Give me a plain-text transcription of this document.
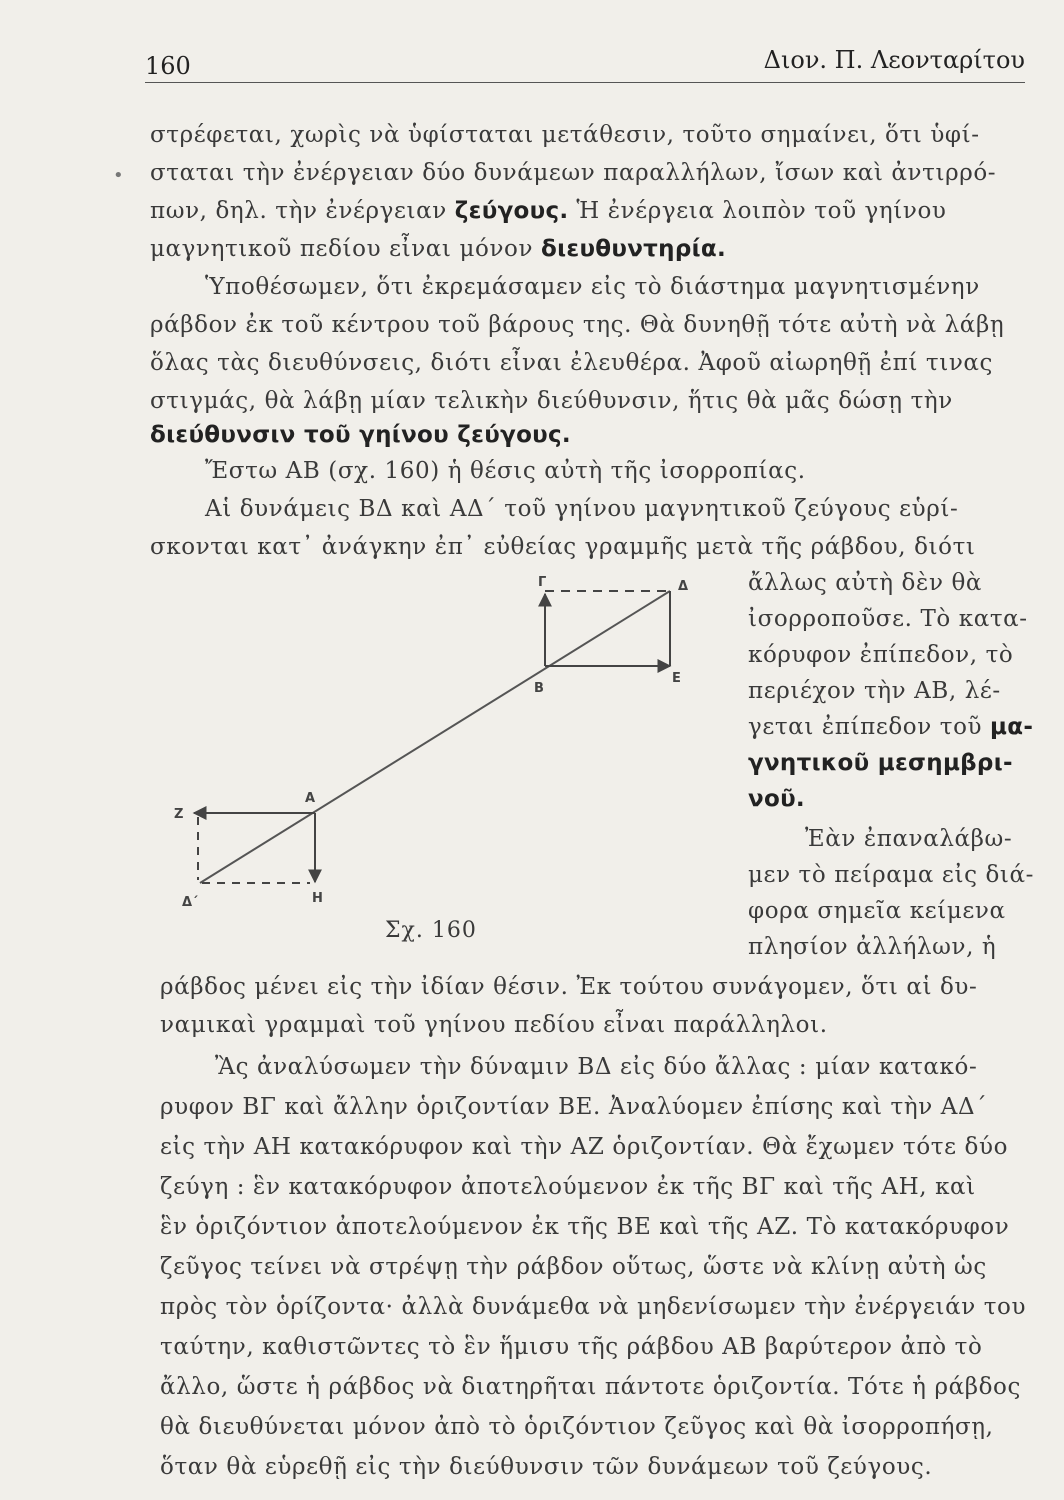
160	Διον. Π. Λεονταρίτου
•
στρέφεται, χωρὶς νὰ ὑφίσταται μετάθεσιν, τοῦτο σημαίνει, ὅτι ὑφί-
σταται τὴν ἐνέργειαν δύο δυνάμεων παραλλήλων, ἴσων καὶ ἀντιρρό-
πων, δηλ. τὴν ἐνέργειαν ζεύγους. Ἡ ἐνέργεια λοιπὸν τοῦ γηίνου
μαγνητικοῦ πεδίου εἶναι μόνον διευθυντηρία.
Ὑποθέσωμεν, ὅτι ἐκρεμάσαμεν εἰς τὸ διάστημα μαγνητισμένην
ράβδον ἐκ τοῦ κέντρου τοῦ βάρους της. Θὰ δυνηθῇ τότε αὐτὴ νὰ λάβῃ
ὅλας τὰς διευθύνσεις, διότι εἶναι ἐλευθέρα. Ἀφοῦ αἰωρηθῇ ἐπί τινας
στιγμάς, θὰ λάβῃ μίαν τελικὴν διεύθυνσιν, ἥτις θὰ μᾶς δώσῃ τὴν
διεύθυνσιν τοῦ γηίνου ζεύγους.
Ἔστω ΑΒ (σχ. 160) ἡ θέσις αὐτὴ τῆς ἰσορροπίας.
Αἱ δυνάμεις ΒΔ καὶ ΑΔ΄ τοῦ γηίνου μαγνητικοῦ ζεύγους εὑρί-
σκονται κατ᾽ ἀνάγκην ἐπ᾽ εὐθείας γραμμῆς μετὰ τῆς ράβδου, διότι
ἄλλως αὐτὴ δὲν θὰ
ἰσορροποῦσε. Τὸ κατα-
κόρυφον ἐπίπεδον, τὸ
περιέχον τὴν ΑΒ, λέ-
γεται ἐπίπεδον τοῦ μα-
γνητικοῦ μεσημβρι-
νοῦ.
Ἐὰν ἐπαναλάβω-
μεν τὸ πείραμα εἰς διά-
φορα σημεῖα κείμενα
πλησίον ἀλλήλων, ἡ
ράβδος μένει εἰς τὴν ἰδίαν θέσιν. Ἐκ τούτου συνάγομεν, ὅτι αἱ δυ-
ναμικαὶ γραμμαὶ τοῦ γηίνου πεδίου εἶναι παράλληλοι.
Ἂς ἀναλύσωμεν τὴν δύναμιν ΒΔ εἰς δύο ἄλλας : μίαν κατακό-
ρυφον ΒΓ καὶ ἄλλην ὁριζοντίαν ΒΕ. Ἀναλύομεν ἐπίσης καὶ τὴν ΑΔ΄
εἰς τὴν ΑΗ κατακόρυφον καὶ τὴν ΑΖ ὁριζοντίαν. Θὰ ἔχωμεν τότε δύο
ζεύγη : ἓν κατακόρυφον ἀποτελούμενον ἐκ τῆς ΒΓ καὶ τῆς ΑΗ, καὶ
ἓν ὁριζόντιον ἀποτελούμενον ἐκ τῆς ΒΕ καὶ τῆς ΑΖ. Τὸ κατακόρυφον
ζεῦγος τείνει νὰ στρέψῃ τὴν ράβδον οὕτως, ὥστε νὰ κλίνῃ αὐτὴ ὡς
πρὸς τὸν ὁρίζοντα· ἀλλὰ δυνάμεθα νὰ μηδενίσωμεν τὴν ἐνέργειάν του
ταύτην, καθιστῶντες τὸ ἓν ἥμισυ τῆς ράβδου ΑΒ βαρύτερον ἀπὸ τὸ
ἄλλο, ὥστε ἡ ράβδος νὰ διατηρῆται πάντοτε ὁριζοντία. Τότε ἡ ράβδος
θὰ διευθύνεται μόνον ἀπὸ τὸ ὁριζόντιον ζεῦγος καὶ θὰ ἰσορροπήσῃ,
ὅταν θὰ εὑρεθῇ εἰς τὴν διεύθυνσιν τῶν δυνάμεων τοῦ ζεύγους.
Γ	Δ
Β
Ε
Α
Ζ
Δ΄	Η
Σχ. 160
